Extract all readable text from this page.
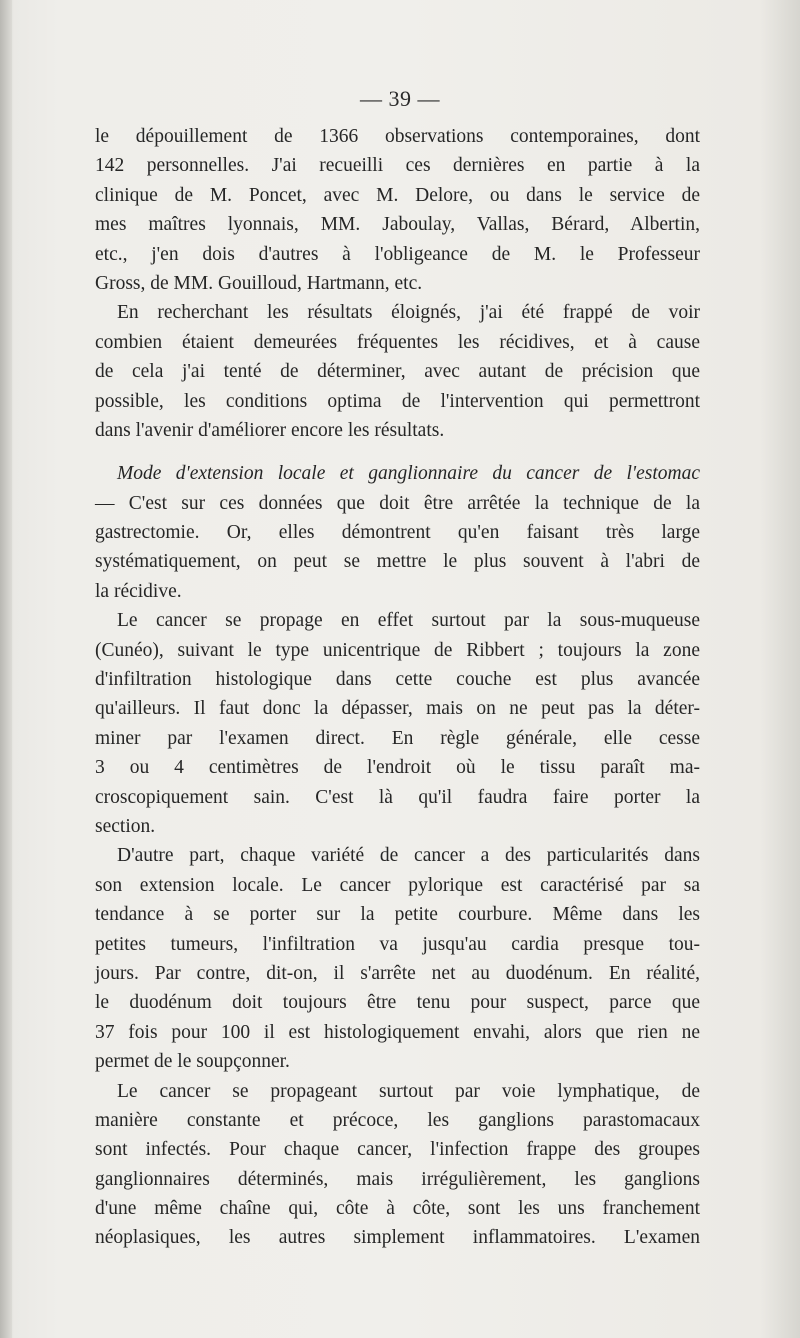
— 39 —
le dépouillement de 1366 observations contemporaines, dont
142 personnelles. J'ai recueilli ces dernières en partie à la
clinique de M. Poncet, avec M. Delore, ou dans le service de
mes maîtres lyonnais, MM. Jaboulay, Vallas, Bérard, Albertin,
etc., j'en dois d'autres à l'obligeance de M. le Professeur
Gross, de MM. Gouilloud, Hartmann, etc.
En recherchant les résultats éloignés, j'ai été frappé de voir
combien étaient demeurées fréquentes les récidives, et à cause
de cela j'ai tenté de déterminer, avec autant de précision que
possible, les conditions optima de l'intervention qui permettront
dans l'avenir d'améliorer encore les résultats.
Mode d'extension locale et ganglionnaire du cancer de l'estomac
— C'est sur ces données que doit être arrêtée la technique de la
gastrectomie. Or, elles démontrent qu'en faisant très large
systématiquement, on peut se mettre le plus souvent à l'abri de
la récidive.
Le cancer se propage en effet surtout par la sous-muqueuse
(Cunéo), suivant le type unicentrique de Ribbert ; toujours la zone
d'infiltration histologique dans cette couche est plus avancée
qu'ailleurs. Il faut donc la dépasser, mais on ne peut pas la déter-
miner par l'examen direct. En règle générale, elle cesse
3 ou 4 centimètres de l'endroit où le tissu paraît ma-
croscopiquement sain. C'est là qu'il faudra faire porter la
section.
D'autre part, chaque variété de cancer a des particularités dans
son extension locale. Le cancer pylorique est caractérisé par sa
tendance à se porter sur la petite courbure. Même dans les
petites tumeurs, l'infiltration va jusqu'au cardia presque tou-
jours. Par contre, dit-on, il s'arrête net au duodénum. En réalité,
le duodénum doit toujours être tenu pour suspect, parce que
37 fois pour 100 il est histologiquement envahi, alors que rien ne
permet de le soupçonner.
Le cancer se propageant surtout par voie lymphatique, de
manière constante et précoce, les ganglions parastomacaux
sont infectés. Pour chaque cancer, l'infection frappe des groupes
ganglionnaires déterminés, mais irrégulièrement, les ganglions
d'une même chaîne qui, côte à côte, sont les uns franchement
néoplasiques, les autres simplement inflammatoires. L'examen
